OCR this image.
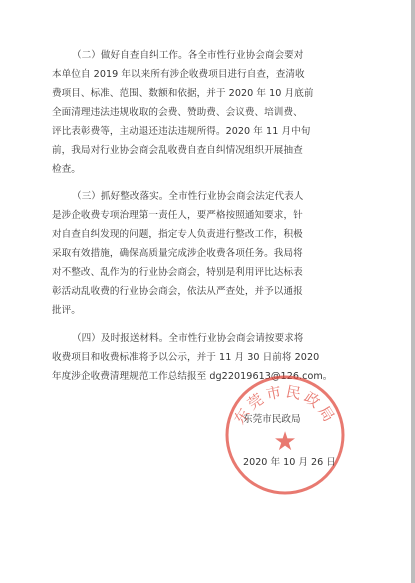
（二）做好自查自纠工作。各全市性行业协会商会要对
本单位自 2019 年以来所有涉企收费项目进行自查，查清收
费项目、标准、范围、数额和依据，并于 2020 年 10 月底前
全面清理违法违规收取的会费、赞助费、会议费、培训费、
评比表彰费等，主动退还违法违规所得。2020 年 11 月中旬
前，我局对行业协会商会乱收费自查自纠情况组织开展抽查
检查。
（三）抓好整改落实。全市性行业协会商会法定代表人
是涉企收费专项治理第一责任人，要严格按照通知要求，针
对自查自纠发现的问题，指定专人负责进行整改工作，积极
采取有效措施，确保高质量完成涉企收费各项任务。我局将
对不整改、乱作为的行业协会商会，特别是利用评比达标表
彰活动乱收费的行业协会商会，依法从严查处，并予以通报
批评。
（四）及时报送材料。全市性行业协会商会请按要求将
收费项目和收费标准将予以公示，并于 11 月 30 日前将 2020
年度涉企收费清理规范工作总结报至 dg22019613@126.com。
东莞市民政局
★
东莞市民政局
2020 年 10 月 26 日
